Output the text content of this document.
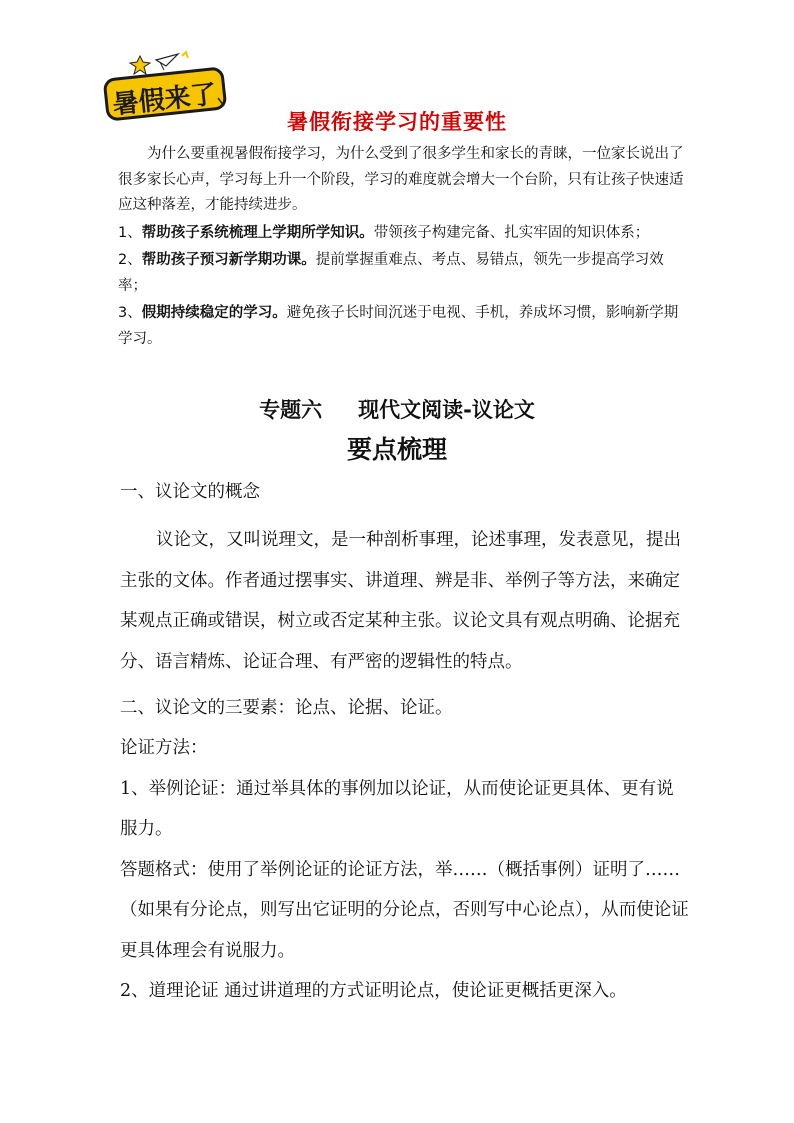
暑假来了
暑假衔接学习的重要性

为什么要重视暑假衔接学习，为什么受到了很多学生和家长的青睐，一位家长说出了很多家长心声，学习每上升一个阶段，学习的难度就会增大一个台阶，只有让孩子快速适应这种落差，才能持续进步。

1、帮助孩子系统梳理上学期所学知识。带领孩子构建完备、扎实牢固的知识体系；

2、帮助孩子预习新学期功课。提前掌握重难点、考点、易错点，领先一步提高学习效率；

3、假期持续稳定的学习。避免孩子长时间沉迷于电视、手机，养成坏习惯，影响新学期学习。

专题六 现代文阅读-议论文
要点梳理

一、议论文的概念

议论文，又叫说理文，是一种剖析事理，论述事理，发表意见，提出主张的文体。作者通过摆事实、讲道理、辨是非、举例子等方法，来确定某观点正确或错误，树立或否定某种主张。议论文具有观点明确、论据充分、语言精炼、论证合理、有严密的逻辑性的特点。

二、议论文的三要素：论点、论据、论证。

论证方法：

1、举例论证：通过举具体的事例加以论证，从而使论证更具体、更有说服力。

答题格式：使用了举例论证的论证方法，举……（概括事例）证明了……（如果有分论点，则写出它证明的分论点，否则写中心论点），从而使论证更具体理会有说服力。

2、道理论证 通过讲道理的方式证明论点，使论证更概括更深入。
